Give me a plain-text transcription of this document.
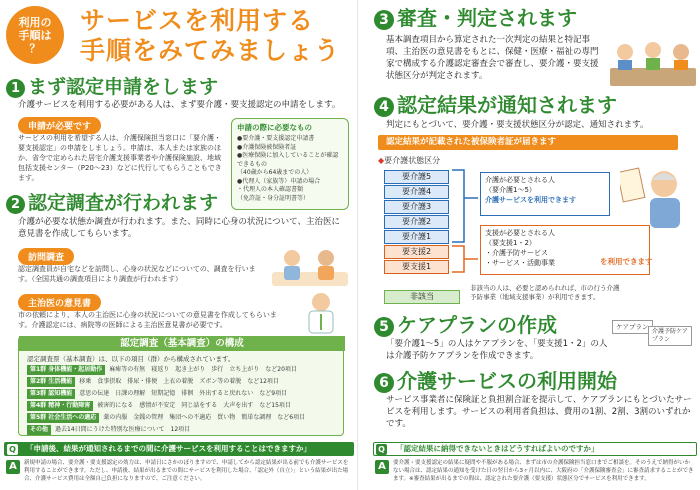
利用の
手順は
？
サービスを利用する
手順をみてみましょう
1 まず認定申請をします
介護サービスを利用する必要がある人は、まず要介護・要支援認定の申請をします。
申請が必要です
サービスの利用を希望する人は、介護保険担当窓口に「要介護・要支援認定」の申請をしましょう。申請は、本人または家族のほか、省令で定められた居宅介護支援事業者や介護保険施設、地域包括支援センター（P20〜23）などに代行してもらうこともできます。
申請の際に必要なもの
●要介護・要支援認定申請書
●介護保険被保険者証
●医療保険に加入していることが確認できるもの
（40歳から64歳までの人）
●代理人（家族等）申請の場合
・代理人の本人確認書類
（免許証・身分証明書等）
2 認定調査が行われます
介護が必要な状態か調査が行われます。また、同時に心身の状況について、主治医に意見書を作成してもらいます。
訪問調査
認定調査員が自宅などを訪問し、心身の状況などについての、調査を行います。（全国共通の調査項目により調査が行われます）
主治医の意見書
市の依頼により、本人の主治医に心身の状況についての意見書を作成してもらいます。介護認定には、病院等の医師による主治医意見書が必要です。
認定調査（基本調査）の構成
認定調査票（基本調査）は、以下の項目（群）から構成されています。
第1群 身体機能・起居動作 麻痺等の有無　寝返り　起き上がり　歩行　立ち上がり　など20項目
第2群 生活機能 移乗　食事摂取　排尿・排便　上衣の着脱　ズボン等の着脱　など12項目
第3群 認知機能 意思の伝達　日課の理解　短期記憶　徘徊　外出すると戻れない　など9項目
第4群 精神・行動障害 被害的になる　感情が不安定　同じ話をする　大声を出す　など15項目
第5群 社会生活への適応 薬の内服　金銭の管理　集団への不適応　買い物　簡単な調理　など6項目
その他 過去14日間にうけた特別な医療について　12項目
「申請後、結果が通知されるまでの間に介護サービスを利用することはできますか」
Q
A	新規申請の場合、要介護・要支援認定の効力は、申請日にさかのぼりますので、申請してから認定結果が出る前でも介護サービスを利用することができます。ただし、申請後、結果が出るまでの間にサービスを利用した場合、「認定外（自立）」という結果が出た場合、介護サービス費用は全額自己負担になりますので、ご注意ください。
3 審査・判定されます
基本調査項目から算定された一次判定の結果と特記事項、主治医の意見書をもとに、保健・医療・福祉の専門家で構成する介護認定審査会で審査し、要介護・要支援状態区分が判定されます。
4 認定結果が通知されます
判定にもとづいて、要介護・要支援状態区分が認定、通知されます。
認定結果が記載された被保険者証が届きます
◆要介護状態区分
要介護5
要介護4
要介護3
要介護2
要介護1
要支援2
要支援1
介護が必要とされる人
（要介護1〜5）
介護サービスを利用できます
支援が必要とされる人
（要支援1・2）
・介護予防サービス
・サービス・活動事業	を利用できます
非該当
非該当の人は、必要と認められれば、市の行う介護予防事業（地域支援事業）が利用できます。
5 ケアプランの作成
「要介護1〜5」の人はケアプランを、「要支援1・2」の人は介護予防ケアプランを作成できます。
ケアプラン
介護予防ケアプラン
6 介護サービスの利用開始
サービス事業者に保険証と負担割合証を提示して、ケアプランにもとづいたサービスを利用します。サービスの利用者負担は、費用の1割、2割、3割のいずれかです。
「認定結果に納得できないときはどうすればよいのですか」
Q
A	要介護・要支援認定の結果に疑問や不服がある場合、まずは市の介護保険担当窓口までご相談を。そのうえで納得がいかない場合は、認定結果の通知を受けた日の翌日から3ヶ月以内に、大阪府の「介護保険審査会」に審査請求することができます。※審査結果が出るまでの間は、認定された要介護（要支援）状態区分でサービスを利用できます。
